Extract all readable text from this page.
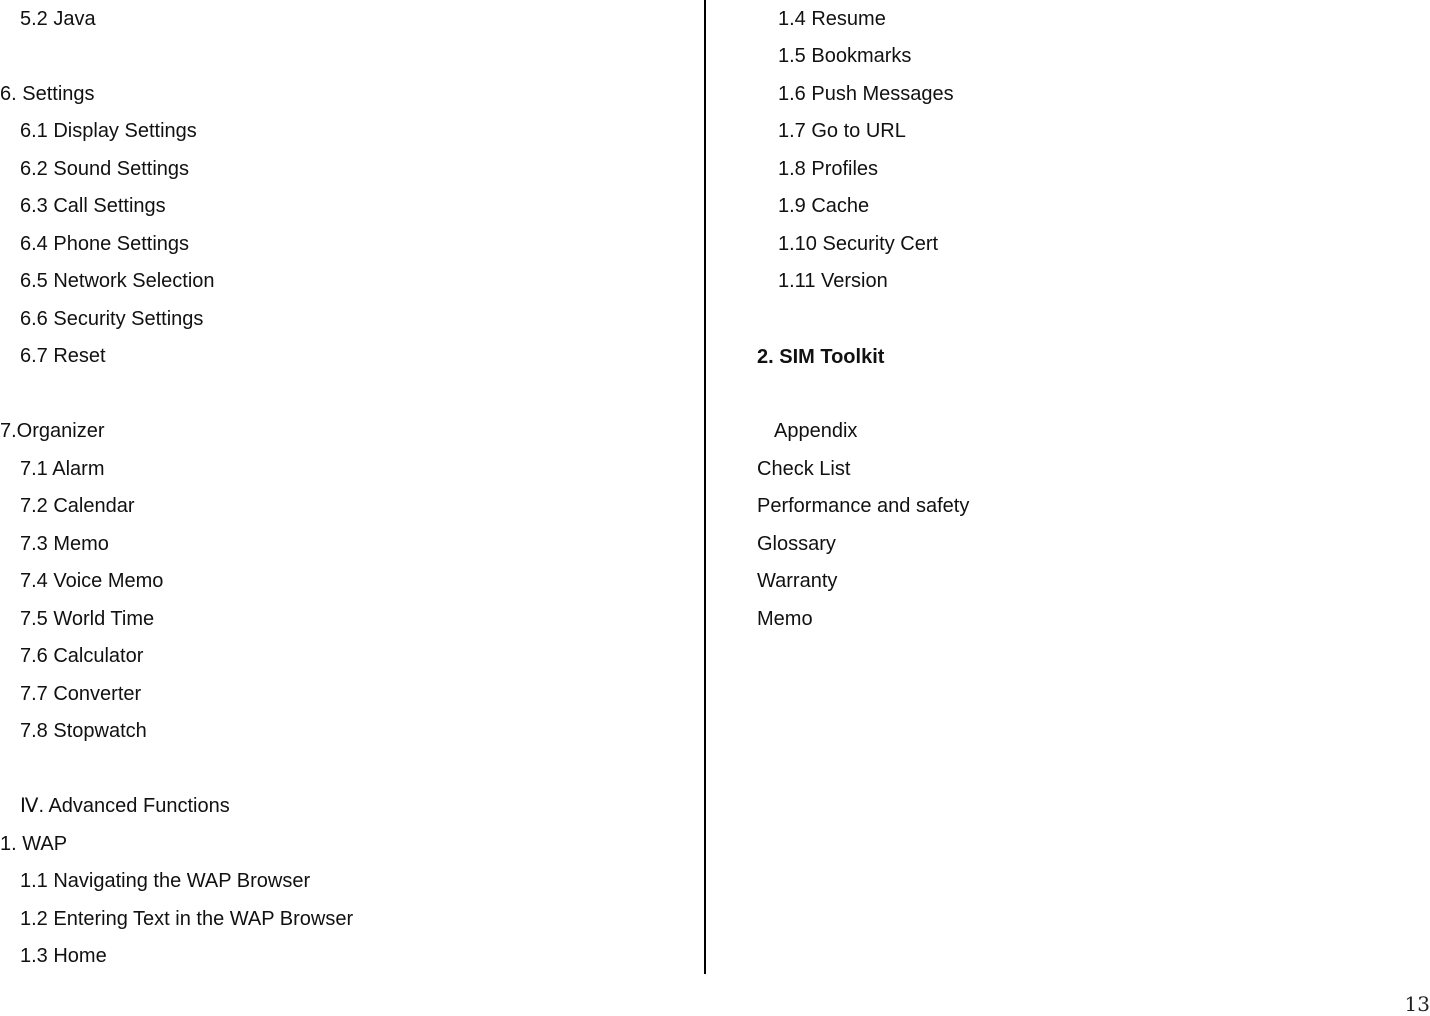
5.2 Java
6. Settings
6.1 Display Settings
6.2 Sound Settings
6.3 Call Settings
6.4 Phone Settings
6.5 Network Selection
6.6 Security Settings
6.7 Reset
7.Organizer
7.1 Alarm
7.2 Calendar
7.3 Memo
7.4 Voice Memo
7.5 World Time
7.6 Calculator
7.7 Converter
7.8 Stopwatch
Ⅳ. Advanced Functions
1. WAP
1.1 Navigating the WAP Browser
1.2 Entering Text in the WAP Browser
1.3 Home
1.4 Resume
1.5 Bookmarks
1.6 Push Messages
1.7 Go to URL
1.8 Profiles
1.9 Cache
1.10 Security Cert
1.11 Version
2. SIM Toolkit
Appendix
Check List
Performance and safety
Glossary
Warranty
Memo
13
